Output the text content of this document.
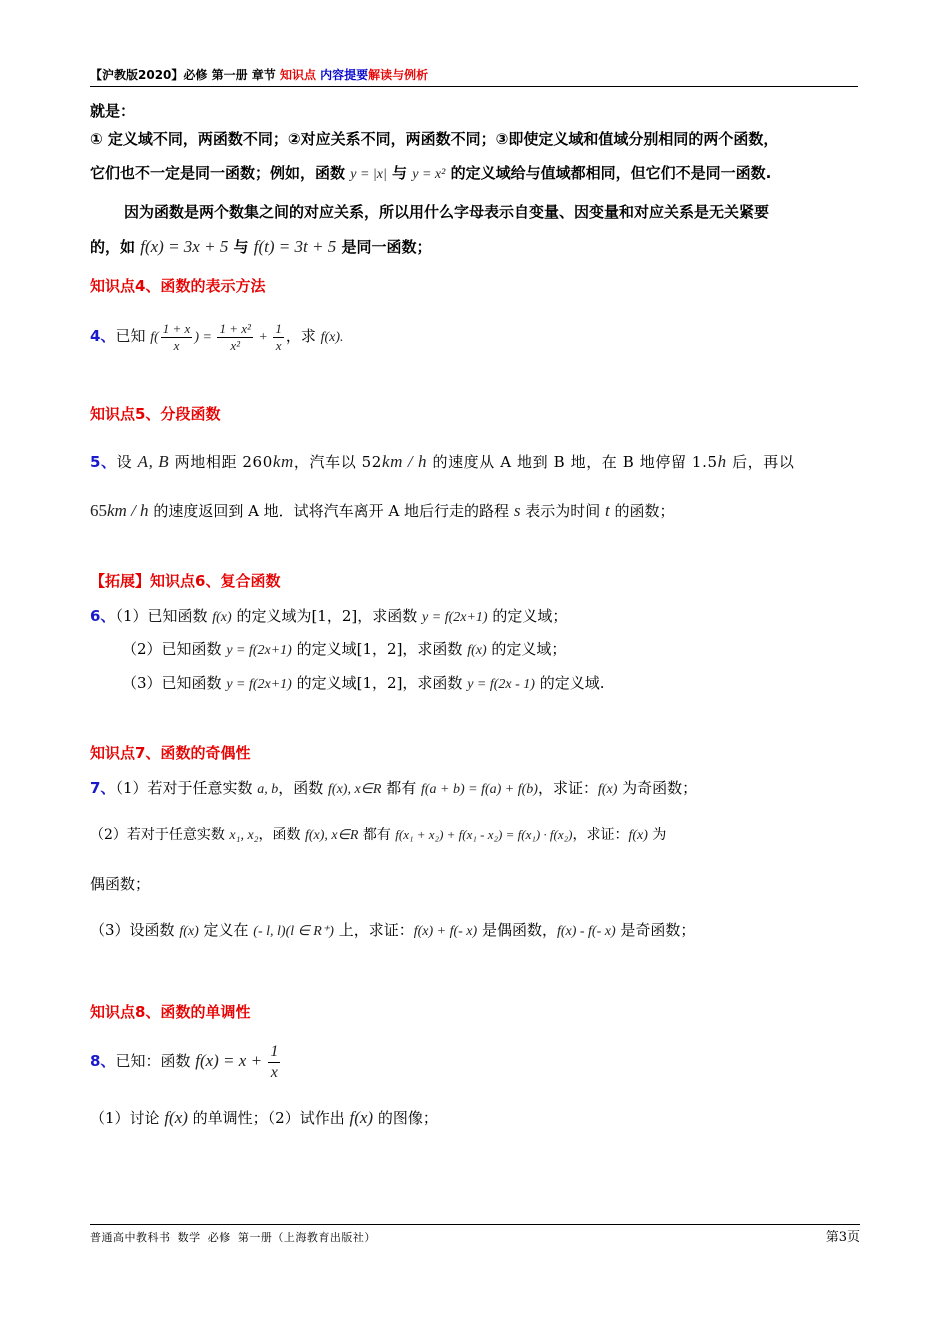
【沪教版2020】必修 第一册 章节 知识点 内容提要解读与例析
就是：
① 定义域不同，两函数不同；②对应关系不同，两函数不同；③即使定义域和值域分别相同的两个函数，
它们也不一定是同一函数；例如，函数 y = |x| 与 y = x² 的定义域给与值域都相同，但它们不是同一函数.
因为函数是两个数集之间的对应关系，所以用什么字母表示自变量、因变量和对应关系是无关紧要
的，如 f(x) = 3x + 5 与 f(t) = 3t + 5 是同一函数；
知识点4、函数的表示方法
4、已知 $f( \frac{1 + x}{x}$ ) = $\frac{\text{1 + x²}}{\text{x²}} + \frac{1}{x}$ ，求 f(x).
知识点5、分段函数
5、设 A, B 两地相距 260km，汽车以 52km / h 的速度从 A 地到 B 地，在 B 地停留 1.5h 后，再以
65km / h 的速度返回到 A 地．试将汽车离开 A 地后行走的路程 s 表示为时间 t 的函数；
【拓展】知识点6、复合函数
6、（1）已知函数 f(x) 的定义域为[1，2]，求函数 y = f(2x+1) 的定义域；
（2）已知函数 y = f(2x+1) 的定义域[1，2]，求函数 f(x) 的定义域；
（3）已知函数 y = f(2x+1) 的定义域[1，2]，求函数 y = f(2x - 1) 的定义域.
知识点7、函数的奇偶性
7、（1）若对于任意实数 a, b，函数 f(x), x∈R 都有 f(a + b) = f(a) + f(b)，求证：f(x) 为奇函数；
（2）若对于任意实数 x₁, x₂，函数 f(x), x∈R 都有 f(x₁ + x₂) + f(x₁ - x₂) = f(x₁) · f(x₂)，求证：f(x) 为
偶函数；
（3）设函数 f(x) 定义在 (- l, l)(l ∈ R⁺) 上，求证：f(x) + f(- x) 是偶函数，f(x) - f(- x) 是奇函数；
知识点8、函数的单调性
8、已知：函数 $f(x) = x + \frac{1}{x}$
（1）讨论 f(x) 的单调性；（2）试作出 f(x) 的图像；
普通高中教科书 数学 必修 第一册（上海教育出版社）	第3页
